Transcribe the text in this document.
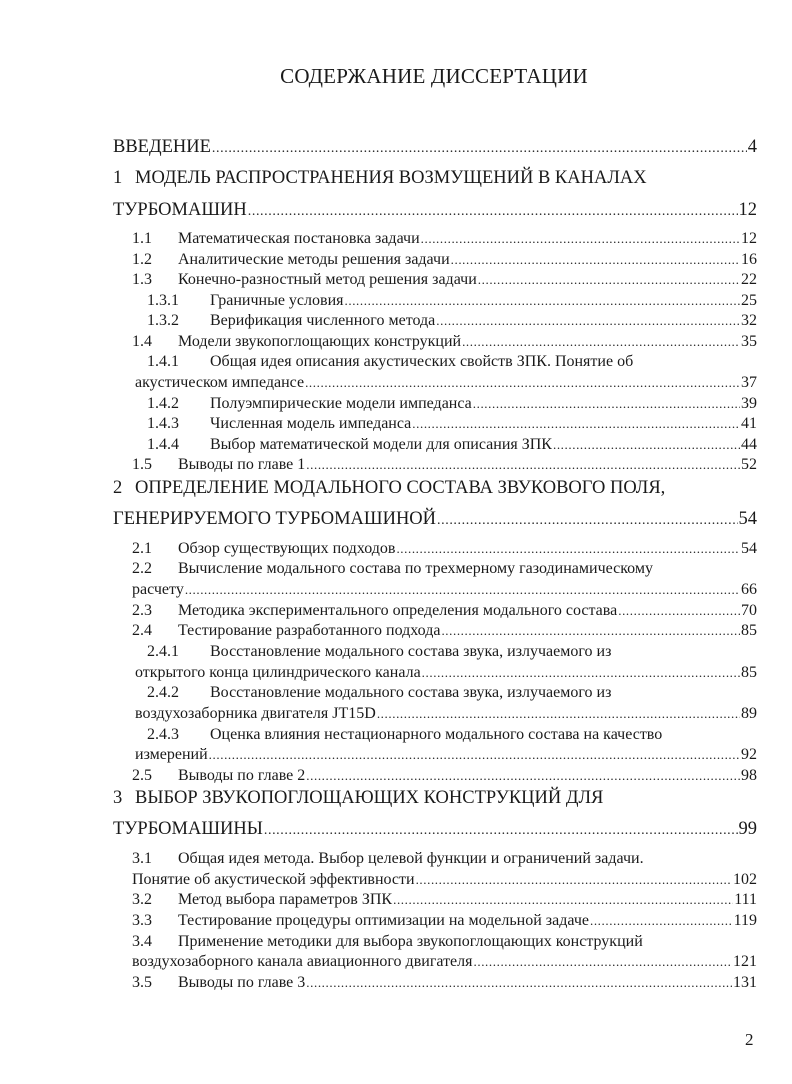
СОДЕРЖАНИЕ ДИССЕРТАЦИИ
ВВЕДЕНИЕ .....	4
1 МОДЕЛЬ РАСПРОСТРАНЕНИЯ ВОЗМУЩЕНИЙ В КАНАЛАХ
ТУРБОМАШИН .....	12
1.1	Математическая постановка задачи .....	12
1.2	Аналитические методы решения задачи .....	16
1.3	Конечно-разностный метод решения задачи .....	22
1.3.1	Граничные условия .....	25
1.3.2	Верификация численного метода .....	32
1.4	Модели звукопоглощающих конструкций .....	35
1.4.1	Общая идея описания акустических свойств ЗПК. Понятие об
акустическом импедансе .....	37
1.4.2	Полуэмпирические модели импеданса .....	39
1.4.3	Численная модель импеданса .....	41
1.4.4	Выбор математической модели для описания ЗПК .....	44
1.5	Выводы по главе 1 .....	52
2 ОПРЕДЕЛЕНИЕ МОДАЛЬНОГО СОСТАВА ЗВУКОВОГО ПОЛЯ,
ГЕНЕРИРУЕМОГО ТУРБОМАШИНОЙ .....	54
2.1	Обзор существующих подходов .....	54
2.2	Вычисление модального состава по трехмерному газодинамическому
расчету .....	66
2.3	Методика экспериментального определения модального состава .....	70
2.4	Тестирование разработанного подхода .....	85
2.4.1	Восстановление модального состава звука, излучаемого из
открытого конца цилиндрического канала .....	85
2.4.2	Восстановление модального состава звука, излучаемого из
воздухозаборника двигателя JT15D .....	89
2.4.3	Оценка влияния нестационарного модального состава на качество
измерений .....	92
2.5	Выводы по главе 2 .....	98
3 ВЫБОР ЗВУКОПОГЛОЩАЮЩИХ КОНСТРУКЦИЙ ДЛЯ
ТУРБОМАШИНЫ .....	99
3.1	Общая идея метода. Выбор целевой функции и ограничений задачи.
Понятие об акустической эффективности .....	102
3.2	Метод выбора параметров ЗПК .....	111
3.3	Тестирование процедуры оптимизации на модельной задаче .....	119
3.4	Применение методики для выбора звукопоглощающих конструкций
воздухозаборного канала авиационного двигателя .....	121
3.5	Выводы по главе 3 .....	131
2
